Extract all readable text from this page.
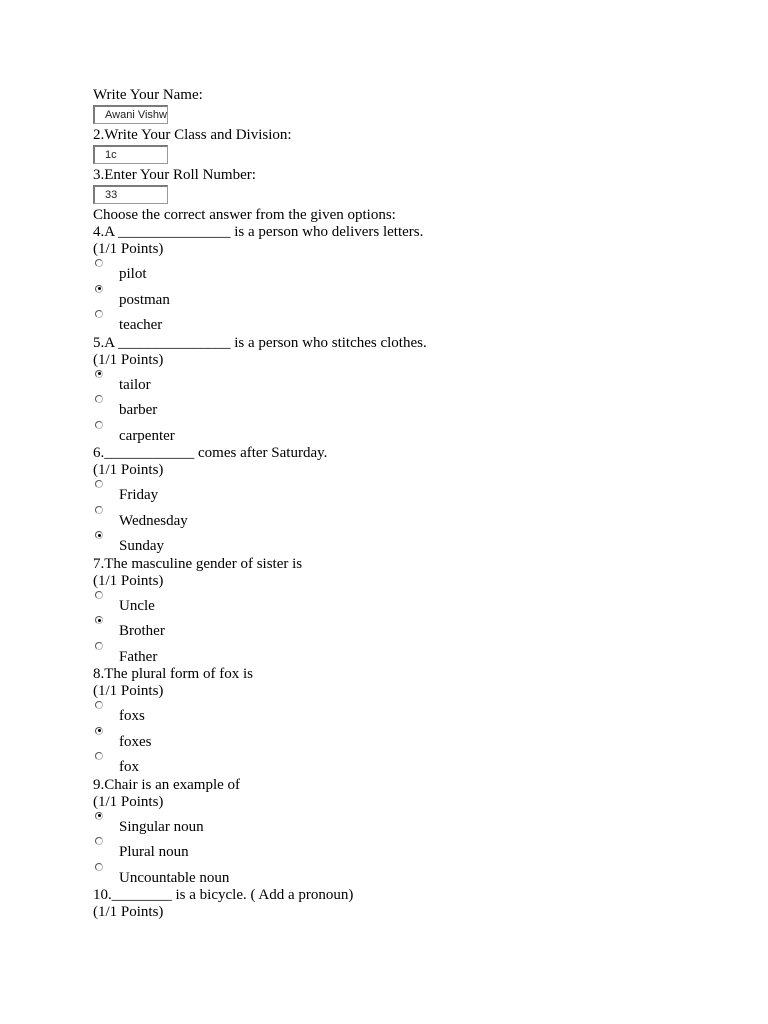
Write Your Name:
Awani Vishw
2.Write Your Class and Division:
1c
3.Enter Your Roll Number:
33
Choose the correct answer from the given options:
4.A _______________ is a person who delivers letters.
(1/1 Points)
pilot
postman
teacher
5.A _______________ is a person who stitches clothes.
(1/1 Points)
tailor
barber
carpenter
6.____________ comes after Saturday.
(1/1 Points)
Friday
Wednesday
Sunday
7.The masculine gender of sister is
(1/1 Points)
Uncle
Brother
Father
8.The plural form of fox is
(1/1 Points)
foxs
foxes
fox
9.Chair is an example of
(1/1 Points)
Singular noun
Plural noun
Uncountable noun
10.________ is a bicycle. ( Add a pronoun)
(1/1 Points)
